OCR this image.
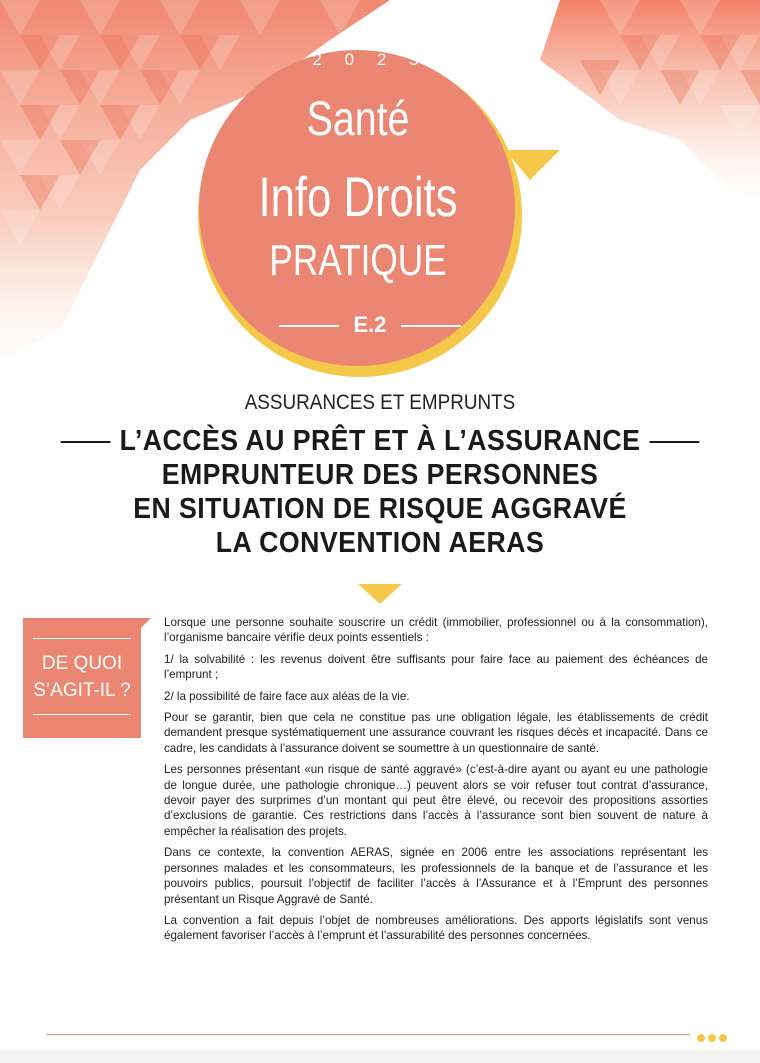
2 0 2 5
Santé
Info Droits
PRATIQUE
E.2
ASSURANCES ET EMPRUNTS
L’ACCÈS AU PRÊT ET À L’ASSURANCE
EMPRUNTEUR DES PERSONNES
EN SITUATION DE RISQUE AGGRAVÉ
LA CONVENTION AERAS
DE QUOI
S’AGIT-IL ?

Lorsque une personne souhaite souscrire un crédit (immobilier, professionnel ou à la consommation), l’organisme bancaire vérifie deux points essentiels :

1/ la solvabilité : les revenus doivent être suffisants pour faire face au paiement des échéances de l’emprunt ;

2/ la possibilité de faire face aux aléas de la vie.

Pour se garantir, bien que cela ne constitue pas une obligation légale, les établissements de crédit demandent presque systématiquement une assurance couvrant les risques décès et incapacité. Dans ce cadre, les candidats à l’assurance doivent se soumettre à un questionnaire de santé.

Les personnes présentant «un risque de santé aggravé» (c’est-à-dire ayant ou ayant eu une pathologie de longue durée, une pathologie chronique…) peuvent alors se voir refuser tout contrat d’assurance, devoir payer des surprimes d’un montant qui peut être élevé, ou recevoir des propositions assorties d’exclusions de garantie. Ces restrictions dans l’accès à l’assurance sont bien souvent de nature à empêcher la réalisation des projets.

Dans ce contexte, la convention AERAS, signée en 2006 entre les associations représentant les personnes malades et les consommateurs, les professionnels de la banque et de l’assurance et les pouvoirs publics, poursuit l’objectif de faciliter l’accès à l’Assurance et à l’Emprunt des personnes présentant un Risque Aggravé de Santé.

La convention a fait depuis l’objet de nombreuses améliorations. Des apports législatifs sont venus également favoriser l’accès à l’emprunt et l’assurabilité des personnes concernées.
